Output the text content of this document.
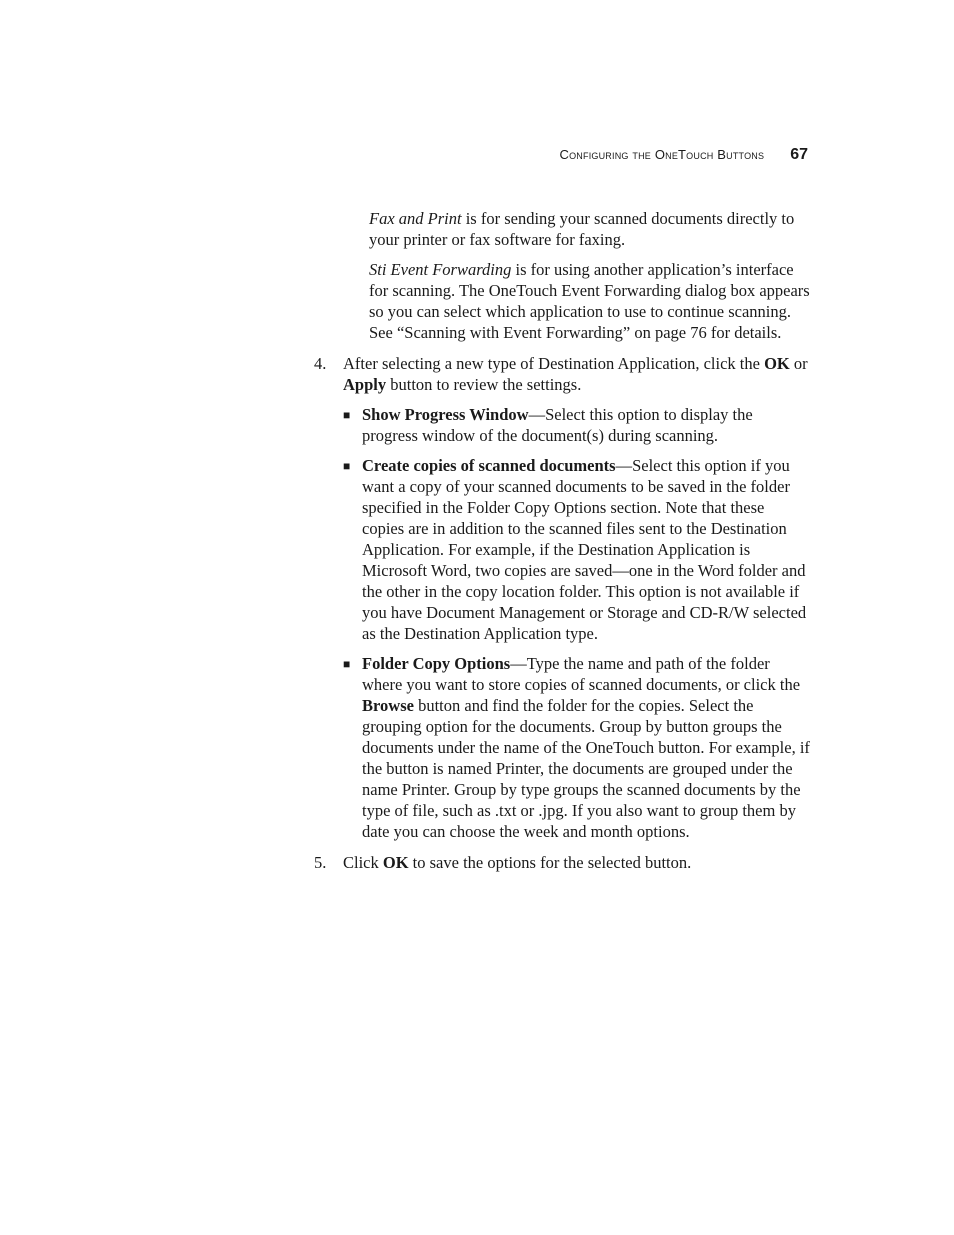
Configuring the OneTouch Buttons 67

Fax and Print is for sending your scanned documents directly to your printer or fax software for faxing.

Sti Event Forwarding is for using another application’s interface for scanning. The OneTouch Event Forwarding dialog box appears so you can select which application to use to continue scanning. See “Scanning with Event Forwarding” on page 76 for details.

4.	After selecting a new type of Destination Application, click the OK or Apply button to review the settings.
■ Show Progress Window—Select this option to display the progress window of the document(s) during scanning.
■ Create copies of scanned documents—Select this option if you want a copy of your scanned documents to be saved in the folder specified in the Folder Copy Options section. Note that these copies are in addition to the scanned files sent to the Destination Application. For example, if the Destination Application is Microsoft Word, two copies are saved—one in the Word folder and the other in the copy location folder. This option is not available if you have Document Management or Storage and CD-R/W selected as the Destination Application type.
■ Folder Copy Options—Type the name and path of the folder where you want to store copies of scanned documents, or click the Browse button and find the folder for the copies. Select the grouping option for the documents. Group by button groups the documents under the name of the OneTouch button. For example, if the button is named Printer, the documents are grouped under the name Printer. Group by type groups the scanned documents by the type of file, such as .txt or .jpg. If you also want to group them by date you can choose the week and month options.
5.	Click OK to save the options for the selected button.
